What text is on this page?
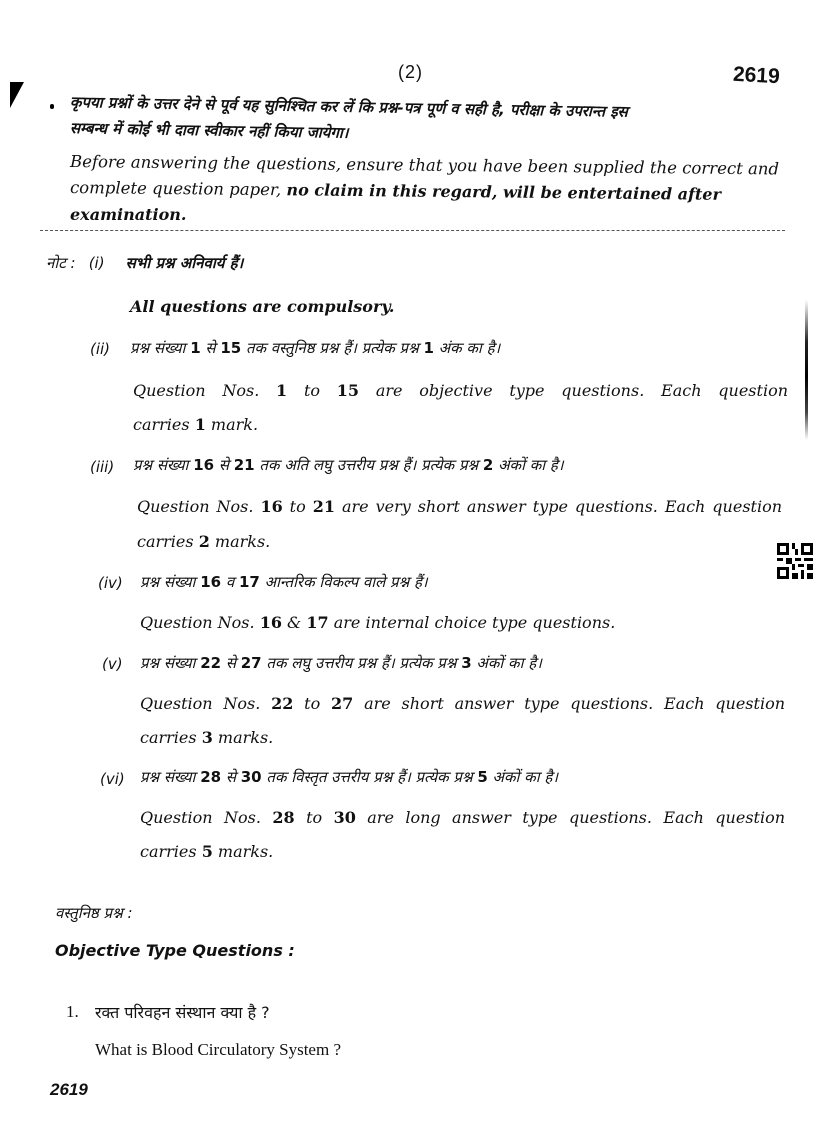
(2)	2619
कृपया प्रश्नों के उत्तर देने से पूर्व यह सुनिश्चित कर लें कि प्रश्न-पत्र पूर्ण व सही है, परीक्षा के उपरान्त इस
सम्बन्ध में कोई भी दावा स्वीकार नहीं किया जायेगा।
Before answering the questions, ensure that you have been supplied the correct and
complete question paper, no claim in this regard, will be entertained after
examination.
नोट : (i) सभी प्रश्न अनिवार्य हैं।
All questions are compulsory.
(ii) प्रश्न संख्या 1 से 15 तक वस्तुनिष्ठ प्रश्न हैं। प्रत्येक प्रश्न 1 अंक का है।
Question Nos. 1 to 15 are objective type questions. Each question
carries 1 mark.
(iii) प्रश्न संख्या 16 से 21 तक अति लघु उत्तरीय प्रश्न हैं। प्रत्येक प्रश्न 2 अंकों का है।
Question Nos. 16 to 21 are very short answer type questions. Each question
carries 2 marks.
(iv) प्रश्न संख्या 16 व 17 आन्तरिक विकल्प वाले प्रश्न हैं।
Question Nos. 16 & 17 are internal choice type questions.
(v) प्रश्न संख्या 22 से 27 तक लघु उत्तरीय प्रश्न हैं। प्रत्येक प्रश्न 3 अंकों का है।
Question Nos. 22 to 27 are short answer type questions. Each question
carries 3 marks.
(vi) प्रश्न संख्या 28 से 30 तक विस्तृत उत्तरीय प्रश्न हैं। प्रत्येक प्रश्न 5 अंकों का है।
Question Nos. 28 to 30 are long answer type questions. Each question
carries 5 marks.
वस्तुनिष्ठ प्रश्न :
Objective Type Questions :
1. रक्त परिवहन संस्थान क्या है ?
What is Blood Circulatory System ?
2619
